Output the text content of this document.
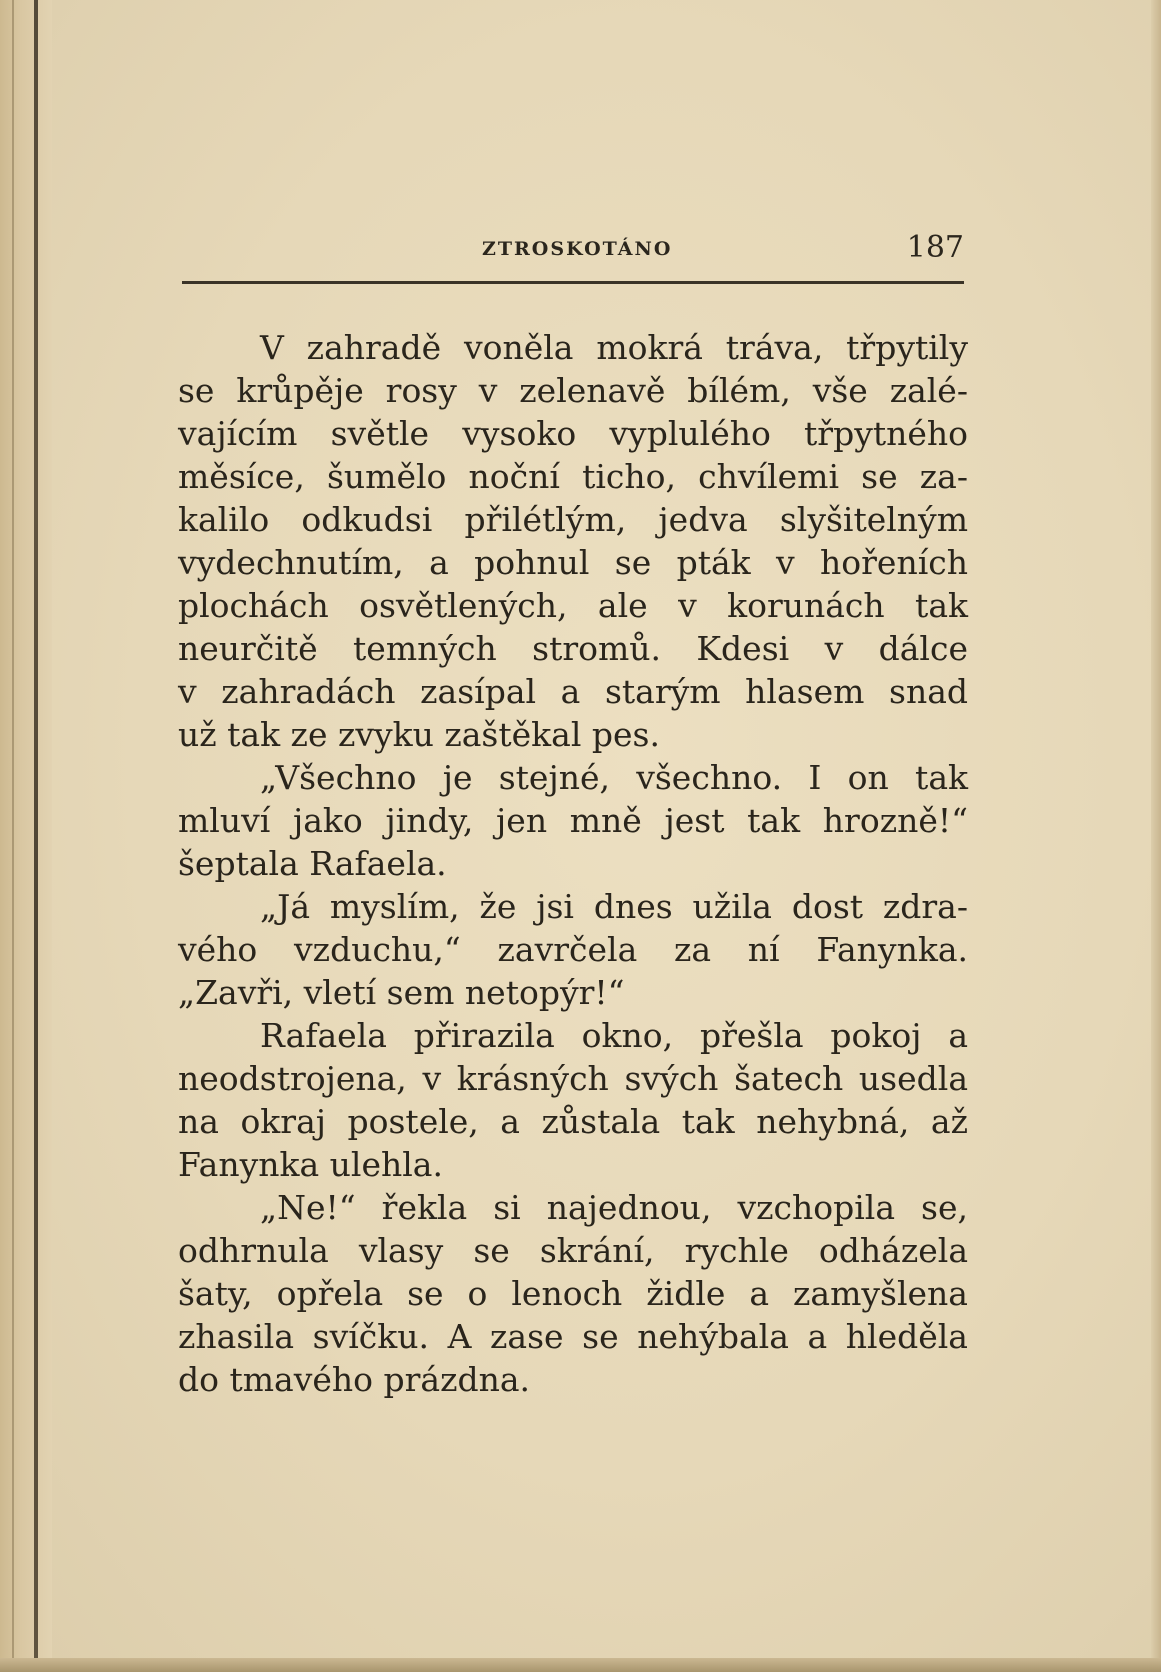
ZTROSKOTÁNO	187
V zahradě voněla mokrá tráva, třpytily
se krůpěje rosy v zelenavě bílém, vše zalé-
vajícím světle vysoko vyplulého třpytného
měsíce, šumělo noční ticho, chvílemi se za-
kalilo odkudsi přilétlým, jedva slyšitelným
vydechnutím, a pohnul se pták v hořeních
plochách osvětlených, ale v korunách tak
neurčitě temných stromů. Kdesi v dálce
v zahradách zasípal a starým hlasem snad
už tak ze zvyku zaštěkal pes.
„Všechno je stejné, všechno. I on tak
mluví jako jindy, jen mně jest tak hrozně!“
šeptala Rafaela.
„Já myslím, že jsi dnes užila dost zdra-
vého vzduchu,“ zavrčela za ní Fanynka.
„Zavři, vletí sem netopýr!“
Rafaela přirazila okno, přešla pokoj a
neodstrojena, v krásných svých šatech usedla
na okraj postele, a zůstala tak nehybná, až
Fanynka ulehla.
„Ne!“ řekla si najednou, vzchopila se,
odhrnula vlasy se skrání, rychle odházela
šaty, opřela se o lenoch židle a zamyšlena
zhasila svíčku. A zase se nehýbala a hleděla
do tmavého prázdna.
